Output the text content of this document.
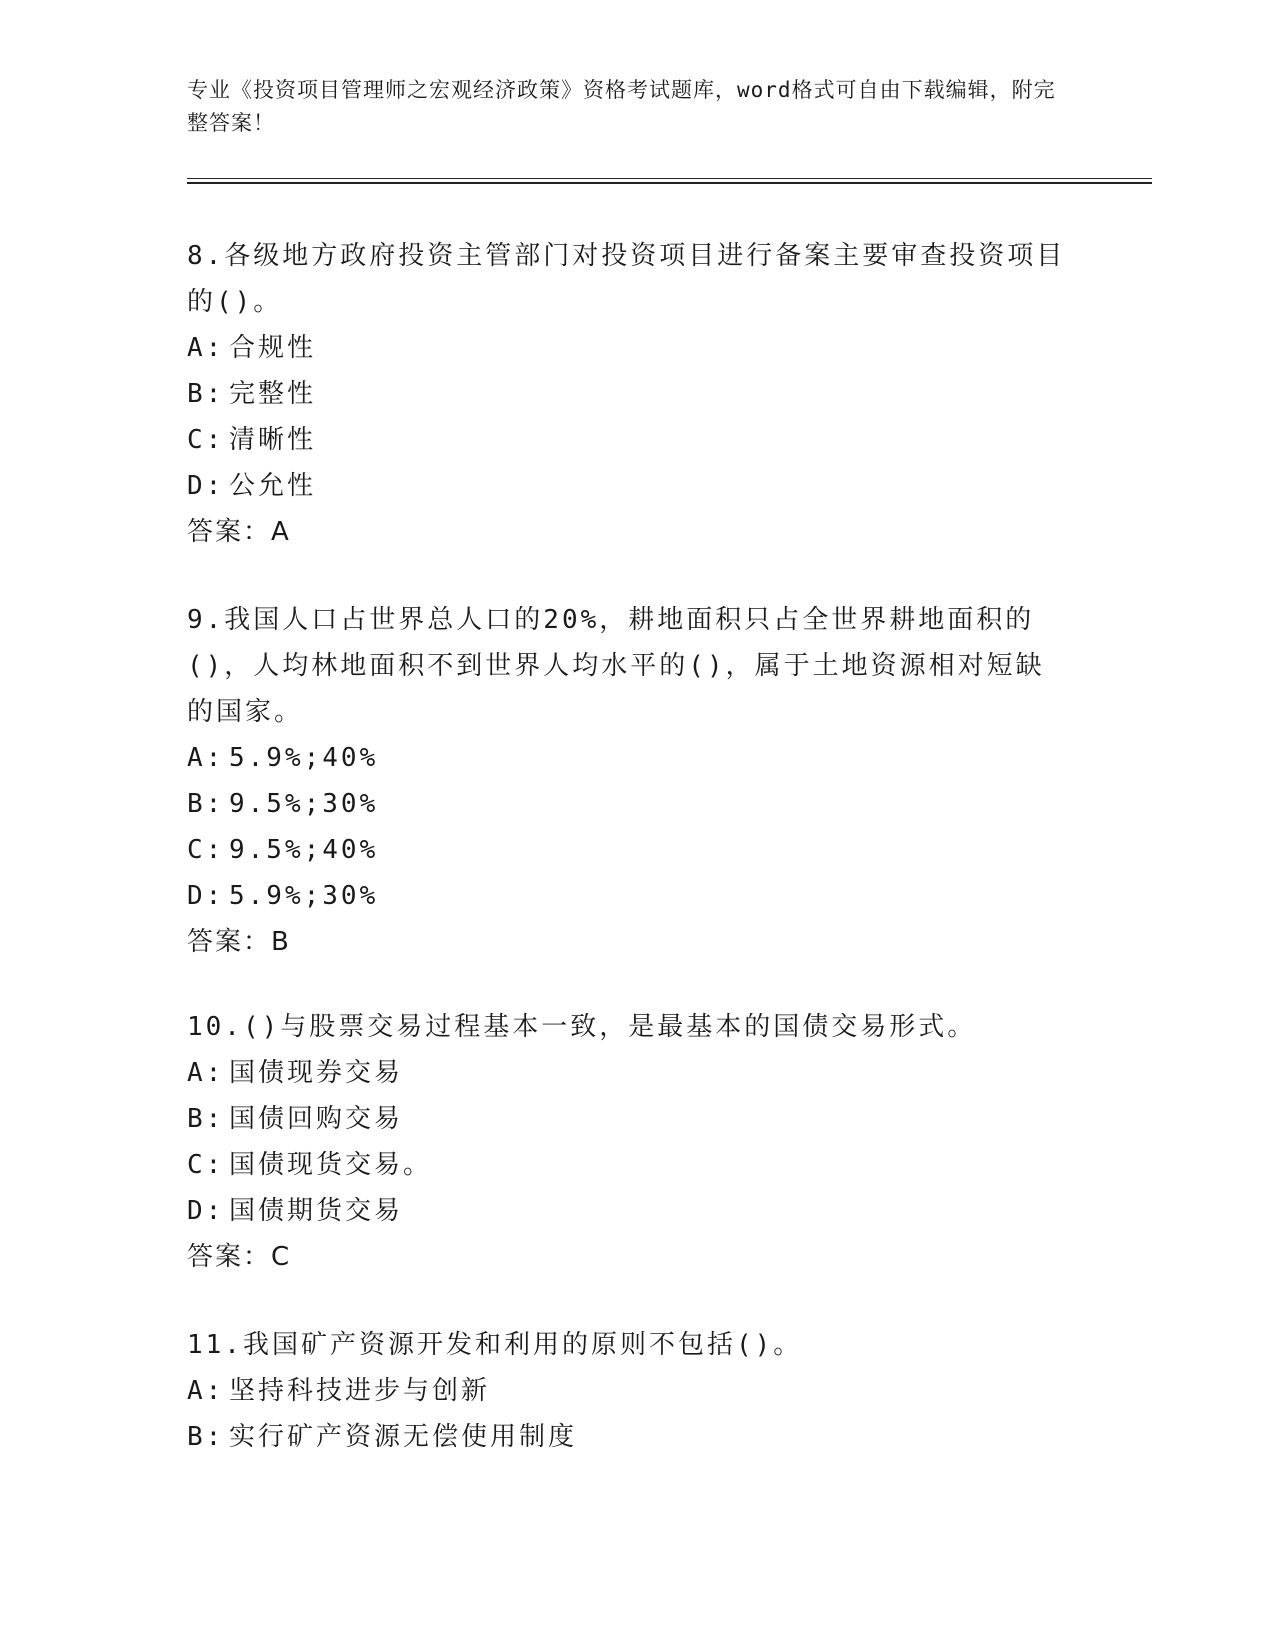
专业《投资项目管理师之宏观经济政策》资格考试题库，word格式可自由下载编辑，附完整答案！

8.各级地方政府投资主管部门对投资项目进行备案主要审查投资项目的()。

A: 合规性

B: 完整性

C: 清晰性

D: 公允性

答案：A

9.我国人口占世界总人口的20%，耕地面积只占全世界耕地面积的()，人均林地面积不到世界人均水平的()，属于土地资源相对短缺的国家。

A: 5.9%;40%

B: 9.5%;30%

C: 9.5%;40%

D: 5.9%;30%

答案：B

10.()与股票交易过程基本一致，是最基本的国债交易形式。

A: 国债现券交易

B: 国债回购交易

C: 国债现货交易。

D: 国债期货交易

答案：C

11.我国矿产资源开发和利用的原则不包括()。

A: 坚持科技进步与创新

B: 实行矿产资源无偿使用制度
